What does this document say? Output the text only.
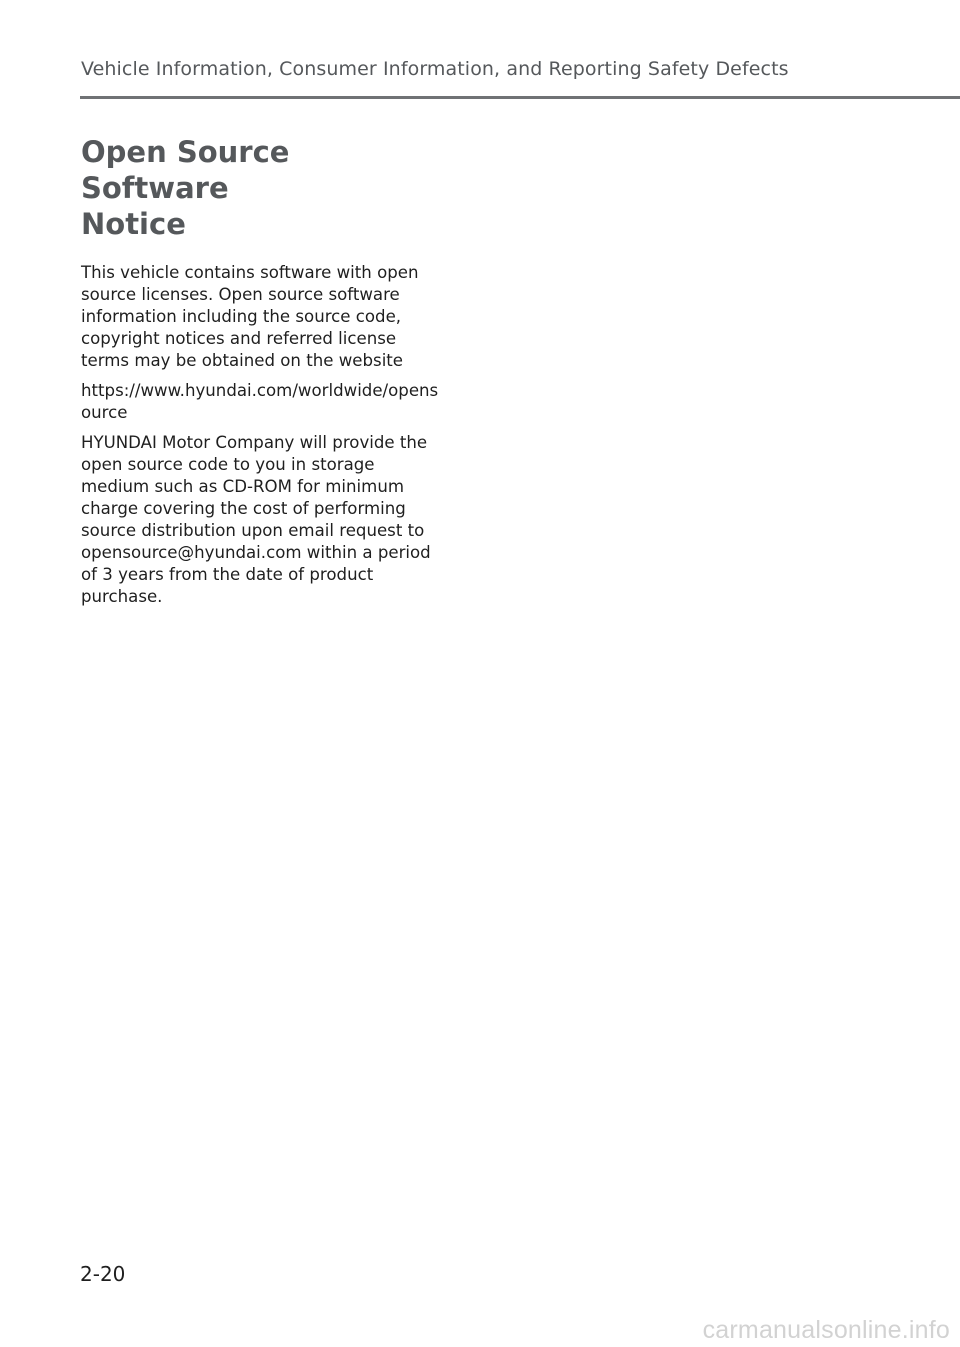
Vehicle Information, Consumer Information, and Reporting Safety Defects
Open Source Software
Notice

This vehicle contains software with open source licenses. Open source software information including the source code, copyright notices and referred license terms may be obtained on the website

https://www.hyundai.com/worldwide/opensource

HYUNDAI Motor Company will provide the open source code to you in storage medium such as CD-ROM for minimum charge covering the cost of performing source distribution upon email request to opensource@hyundai.com within a period of 3 years from the date of product purchase.

2-20
carmanualsonline.info
